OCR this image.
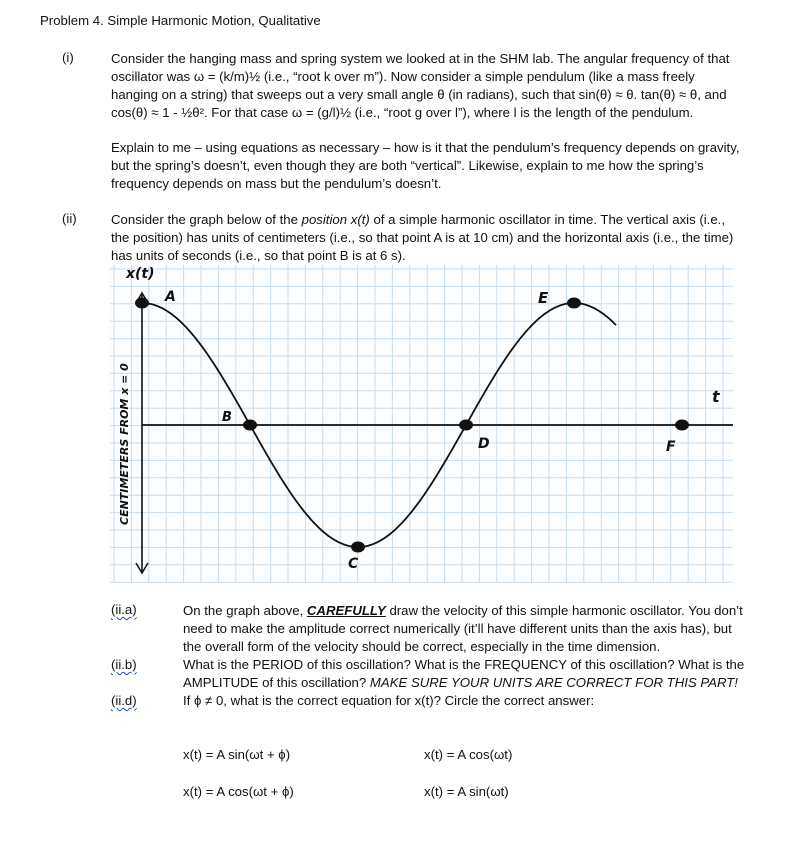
Problem 4. Simple Harmonic Motion, Qualitative
(i)	Consider the hanging mass and spring system we looked at in the SHM lab. The angular frequency of that
oscillator was ω = (k/m)½ (i.e., “root k over m”). Now consider a simple pendulum (like a mass freely
hanging on a string) that sweeps out a very small angle θ (in radians), such that sin(θ) ≈ θ. tan(θ) ≈ θ, and
cos(θ) ≈ 1 - ½θ². For that case ω = (g/l)½ (i.e., “root g over l”), where l is the length of the pendulum.
Explain to me – using equations as necessary – how is it that the pendulum’s frequency depends on gravity,
but the spring’s doesn’t, even though they are both “vertical”. Likewise, explain to me how the spring’s
frequency depends on mass but the pendulum’s doesn’t.
(ii)	Consider the graph below of the position x(t) of a simple harmonic oscillator in time. The vertical axis (i.e.,
the position) has units of centimeters (i.e., so that point A is at 10 cm) and the horizontal axis (i.e., the time)
has units of seconds (i.e., so that point B is at 6 s).
x(t)
t
CENTIMETERS FROM x = 0
A
B
C
D
E
F
(ii.a)	On the graph above, CAREFULLY draw the velocity of this simple harmonic oscillator. You don’t
need to make the amplitude correct numerically (it’ll have different units than the axis has), but
the overall form of the velocity should be correct, especially in the time dimension.
(ii.b)	What is the PERIOD of this oscillation? What is the FREQUENCY of this oscillation? What is the
AMPLITUDE of this oscillation? MAKE SURE YOUR UNITS ARE CORRECT FOR THIS PART!
(ii.d)	If ϕ ≠ 0, what is the correct equation for x(t)? Circle the correct answer:
x(t) = A sin(ωt + ϕ)	x(t) = A cos(ωt)
x(t) = A cos(ωt + ϕ)	x(t) = A sin(ωt)
